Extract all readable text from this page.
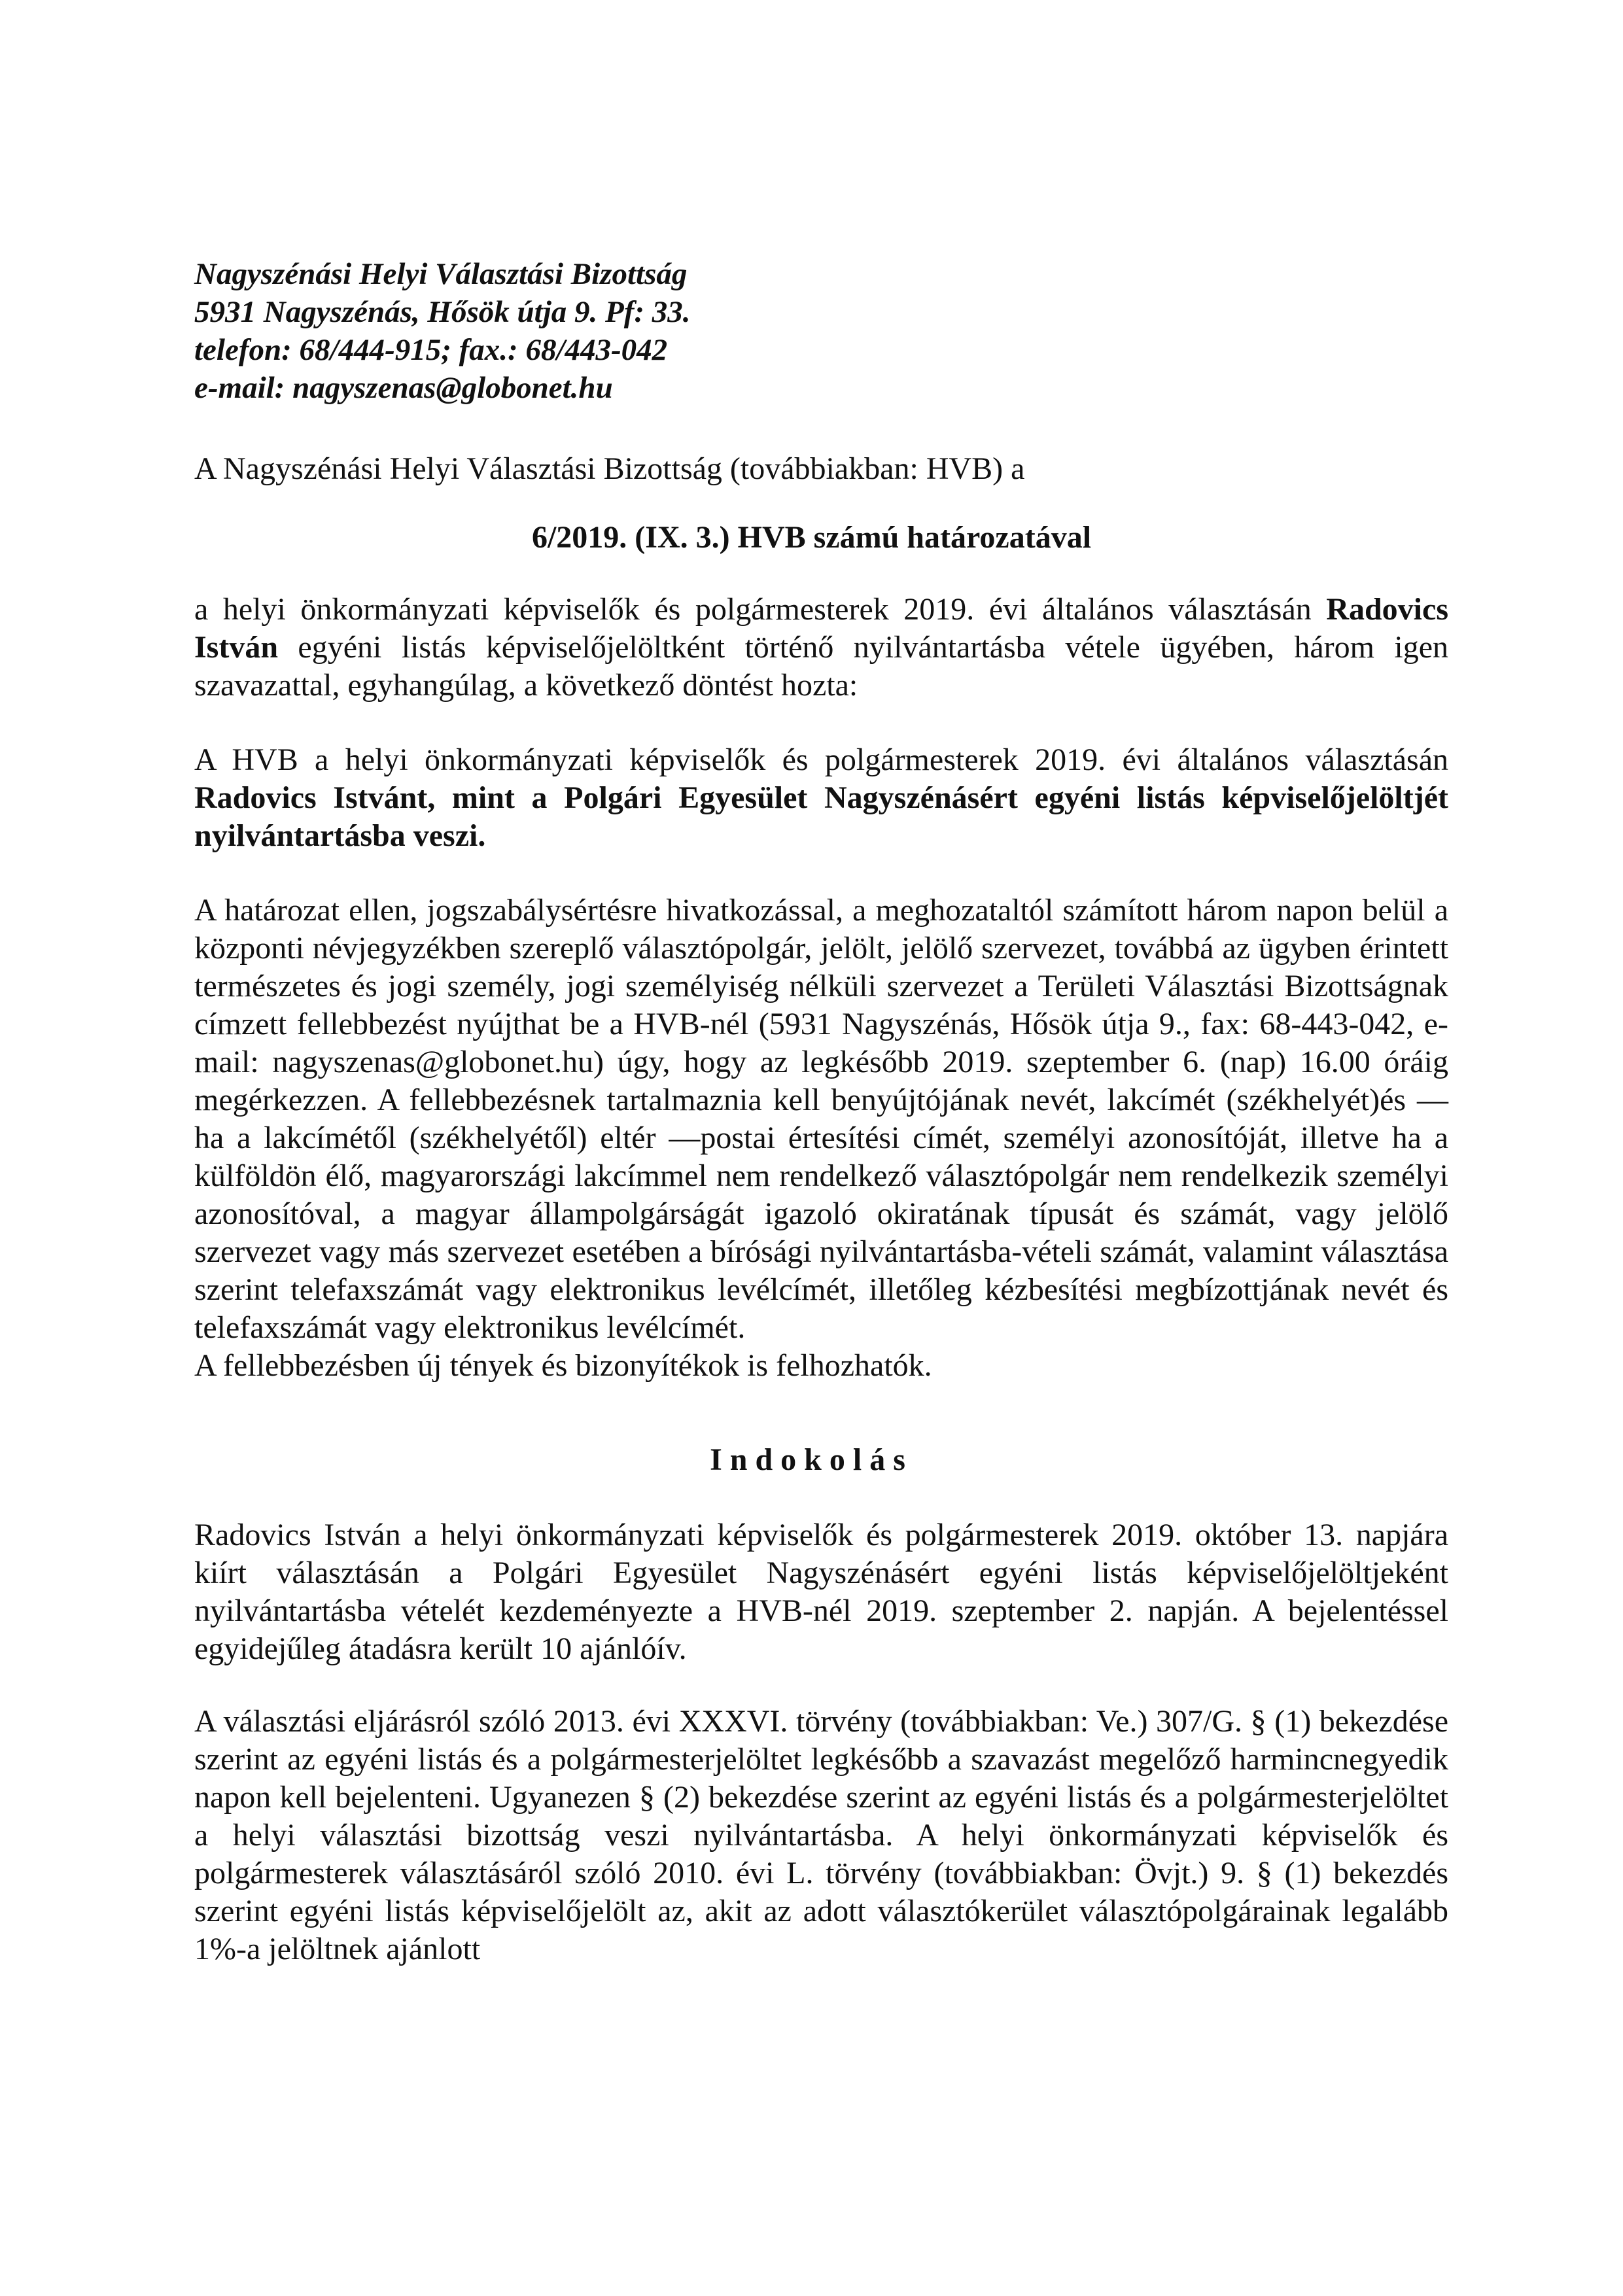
Nagyszénási Helyi Választási Bizottság
5931 Nagyszénás, Hősök útja 9. Pf: 33.
telefon: 68/444-915; fax.: 68/443-042
e-mail: nagyszenas@globonet.hu

A Nagyszénási Helyi Választási Bizottság (továbbiakban: HVB) a

6/2019. (IX. 3.) HVB számú határozatával

a helyi önkormányzati képviselők és polgármesterek 2019. évi általános választásán Radovics István egyéni listás képviselőjelöltként történő nyilvántartásba vétele ügyében, három igen szavazattal, egyhangúlag, a következő döntést hozta:

A HVB a helyi önkormányzati képviselők és polgármesterek 2019. évi általános választásán Radovics Istvánt, mint a Polgári Egyesület Nagyszénásért egyéni listás képviselőjelöltjét nyilvántartásba veszi.

A határozat ellen, jogszabálysértésre hivatkozással, a meghozataltól számított három napon belül a központi névjegyzékben szereplő választópolgár, jelölt, jelölő szervezet, továbbá az ügyben érintett természetes és jogi személy, jogi személyiség nélküli szervezet a Területi Választási Bizottságnak címzett fellebbezést nyújthat be a HVB-nél (5931 Nagyszénás, Hősök útja 9., fax: 68-443-042, e-mail: nagyszenas@globonet.hu) úgy, hogy az legkésőbb 2019. szeptember 6. (nap) 16.00 óráig megérkezzen. A fellebbezésnek tartalmaznia kell benyújtójának nevét, lakcímét (székhelyét)és —ha a lakcímétől (székhelyétől) eltér —postai értesítési címét, személyi azonosítóját, illetve ha a külföldön élő, magyarországi lakcímmel nem rendelkező választópolgár nem rendelkezik személyi azonosítóval, a magyar állampolgárságát igazoló okiratának típusát és számát, vagy jelölő szervezet vagy más szervezet esetében a bírósági nyilvántartásba-vételi számát, valamint választása szerint telefaxszámát vagy elektronikus levélcímét, illetőleg kézbesítési megbízottjának nevét és telefaxszámát vagy elektronikus levélcímét.

A fellebbezésben új tények és bizonyítékok is felhozhatók.

Indokolás

Radovics István a helyi önkormányzati képviselők és polgármesterek 2019. október 13. napjára kiírt választásán a Polgári Egyesület Nagyszénásért egyéni listás képviselőjelöltjeként nyilvántartásba vételét kezdeményezte a HVB-nél 2019. szeptember 2. napján. A bejelentéssel egyidejűleg átadásra került 10 ajánlóív.

A választási eljárásról szóló 2013. évi XXXVI. törvény (továbbiakban: Ve.) 307/G. § (1) bekezdése szerint az egyéni listás és a polgármesterjelöltet legkésőbb a szavazást megelőző harmincnegyedik napon kell bejelenteni. Ugyanezen § (2) bekezdése szerint az egyéni listás és a polgármesterjelöltet a helyi választási bizottság veszi nyilvántartásba. A helyi önkormányzati képviselők és polgármesterek választásáról szóló 2010. évi L. törvény (továbbiakban: Övjt.) 9. § (1) bekezdés szerint egyéni listás képviselőjelölt az, akit az adott választókerület választópolgárainak legalább 1%-a jelöltnek ajánlott
